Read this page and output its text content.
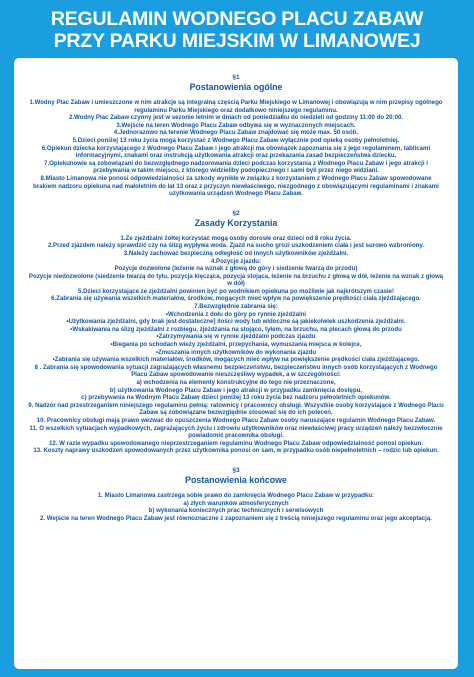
REGULAMIN WODNEGO PLACU ZABAW
PRZY PARKU MIEJSKIM W LIMANOWEJ
§1
Postanowienia ogólne

1.Wodny Plac Zabaw i umieszczone w nim atrakcje są integralną częścią Parku Miejskiego w Limanowej i obowiązują w nim przepisy ogólnego regulaminu Parku Miejskiego oraz dodatkowo niniejszego regulaminu.

2.Wodny Plac Zabaw czynny jest w sezonie letnim w dniach od poniedziałku do niedzieli od godziny 11:00 do 20:00.

3.Wejście na teren Wodnego Placu Zabaw odbywa się w wyznaczonych miejscach.

4.Jednorazowo na terenie Wodnego Placu Zabaw znajdować się może max. 50 osób.

5.Dzieci poniżej 13 roku życia mogą korzystać z Wodnego Placu Zabaw wyłącznie pod opieką osoby pełnoletniej.

6.Opiekun dziecka korzystającego z Wodnego Placu Zabaw i jego atrakcji ma obowiązek zapoznania się z jego regulaminem, tablicami informacyjnymi, znakami oraz instrukcją użytkowania atrakcji oraz przekazania zasad bezpieczeństwa dziecku.

7.Opiekunowie są zobowiązani do bezwzględnego nadzorowania dzieci podczas korzystania z Wodnego Placu Zabaw i jego atrakcji i przebywania w takim miejscu, z którego widzieliby podopiecznego i sami byli przez niego widziani.

8.Miasto Limanowa nie ponosi odpowiedzialności za szkody wynikłe w związku z korzystaniem z Wodnego Placu Zabaw spowodowane brakiem nadzoru opiekuna nad małoletnim do lat 13 oraz z przyczyn niewłaściwego, niezgodnego z obowiązującymi regulaminami i znakami użytkowania urządzeń Wodnego Placu Zabaw.

§2
Zasady Korzystania

1.Ze zjeżdżalni żółtej korzystać mogą osoby dorosłe oraz dzieci od 8 roku życia.

2.Przed zjazdem należy sprawdzić czy na ślizg wypływa woda. Zjazd na sucho grozi uszkodzeniem ciała i jest surowo wzbroniony.

3.Należy zachować bezpieczną odległość od innych użytkowników zjeżdżalni.

4.Pozycje zjazdu:

Pozycje dozwolone (leżenie na wznak z głową do góry i siedzenie twarzą do przodu)

Pozycje niedozwolone (siedzenie twarzą do tyłu, pozycja klęcząca, pozycja stojąca, leżenie na brzuchu z głową w dół, leżenie na wznak z głową w dół)

5.Dzieci korzystające ze zjeżdżalni powinien być po wodnikiem opiekuna po możliwie jak najkrótszym czasie!

6.Zabrania się używania wszelkich materiałów, środków, mogących mieć wpływ na powiększenie prędkości ciała zjeżdżającego.

7.Bezwzględnie zabrania się:

•Wchodzenia z dołu do góry po rynnie zjeżdżalni

•Użytkowania zjeżdżalni, gdy brak jest dostateczne] ilości wody lub widoczne są jakiekolwiek uszkodzenia zjeżdżalni.

•Wskakiwania na ślizg zjeżdżalni z rozbiegu, zjeżdżania na stojąco, tyłem, na brzuchu, na plecach głową do przodu

•Zatrzymywania się w rynnie zjeżdżalni podczas zjazdu

•Biegania po schodach wieży zjeżdżalni, przepychania, wymuszania miejsca w kolejce,

•Zmuszania innych użytkowników do wykonania zjazdu

•Zabrania się używania wszelkich materiałów, środków, mogących mieć wpływ na powiększenie prędkości ciała zjeżdżającego.

8 . Zabrania się spowodowania sytuacji zagrażających własnemu bezpieczeństwu, bezpieczeństwu innych osób korzystających z Wodnego Placu Zabaw spowodowanie nieszczęśliwy wypadek, a w szczególności:

a) wchodzenia na elementy konstrukcyjne do tego nie przeznaczone,

b) użytkowania Wodnego Placu Zabaw i jego atrakcji w przypadku zamknięcia dostępu,

c) przebywania na Wodnym Placu Zabaw dzieci poniżej 13 roku życia bez nadzoru pełnoletnich opiekunów.

9. Nadzór nad przestrzeganiem niniejszego regulaminu pełnią: ratownicy i pracownicy obsługi. Wszystkie osoby korzystające z Wodnego Placu Zabaw są zobowiązane bezwzględnie stosować się do ich poleceń.

10. Pracownicy obsługi mają prawo wezwać do opuszczenia Wodnego Placu Zabaw osoby naruszające regulamin Wodnego Placu Zabaw.

11. O wszelkich sytuacjach wypadkowych, zagrażających życiu i zdrowiu użytkowników oraz niewłaściwej pracy urządzeń należy bezzwłocznie powiadomić pracownika obsługi.

12. W razie wypadku spowodowanego nieprzestrzeganiem regulaminu Wodnego Placu Zabaw odpowiedzialność ponosi opiekun.

13. Koszty naprawy uszkodzeń spowodowanych przez użytkownika ponosi on sam, w przypadku osób niepełnoletnich – rodzic lub opiekun.

§3
Postanowienia końcowe

1. Miasto Limanowa zastrzega sobie prawo do zamknięcia Wodnego Placu Zabaw w przypadku:

a) złych warunków atmosferycznych

b) wykonania koniecznych prac technicznych i serwisowych

2. Wejście na teren Wodnego Placu Zabaw jest równoznaczne z zapoznaniem się z treścią niniejszego regulaminu oraz jego akceptacją.
